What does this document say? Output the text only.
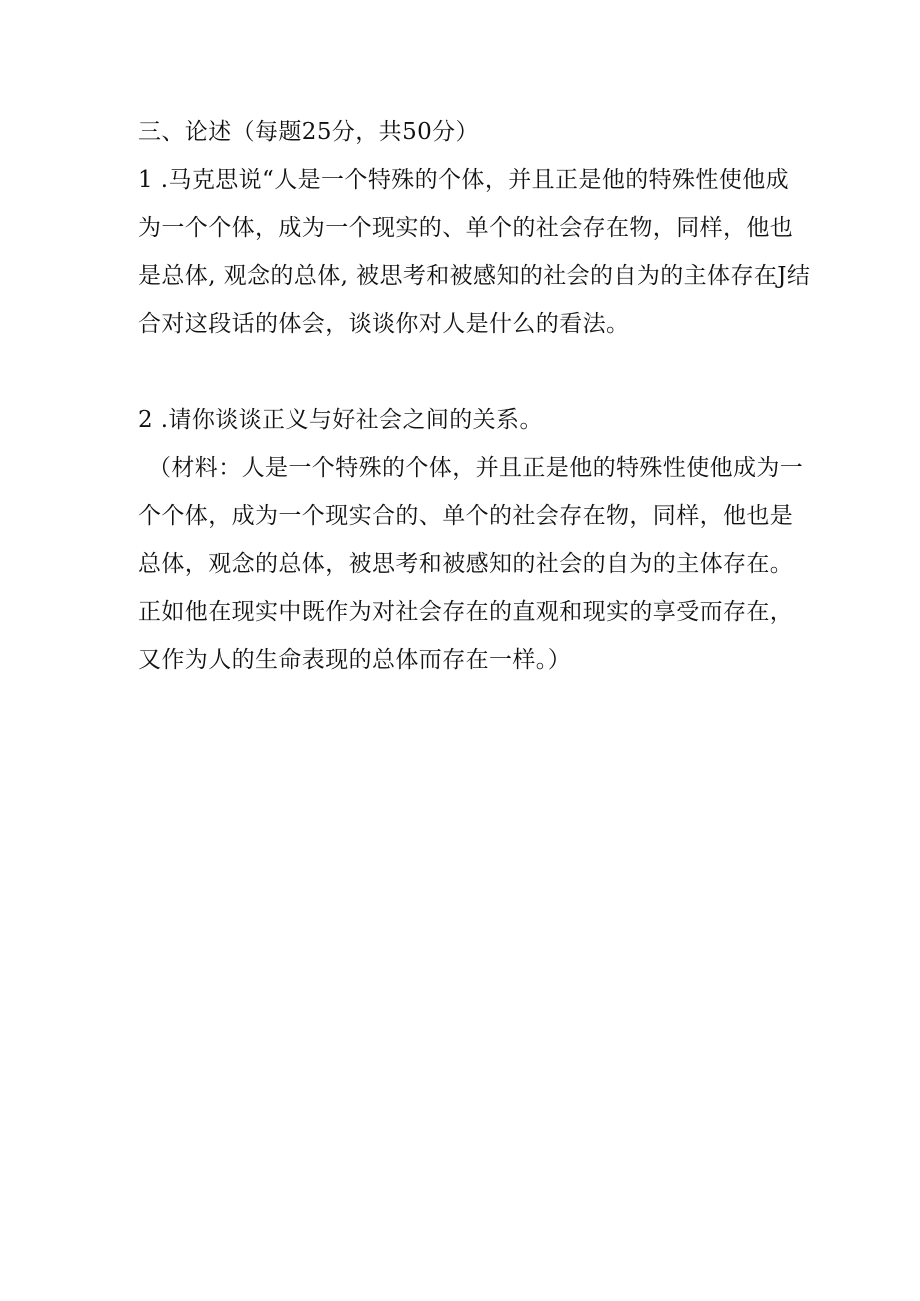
三、论述（每题25分，共50分）
1 .马克思说“人是一个特殊的个体，并且正是他的特殊性使他成
为一个个体，成为一个现实的、单个的社会存在物，同样，他也
是总体, 观念的总体, 被思考和被感知的社会的自为的主体存在J结
合对这段话的体会，谈谈你对人是什么的看法。
2 .请你谈谈正义与好社会之间的关系。
（材料：人是一个特殊的个体，并且正是他的特殊性使他成为一
个个体，成为一个现实合的、单个的社会存在物，同样，他也是
总体，观念的总体，被思考和被感知的社会的自为的主体存在。
正如他在现实中既作为对社会存在的直观和现实的享受而存在，
又作为人的生命表现的总体而存在一样。）
